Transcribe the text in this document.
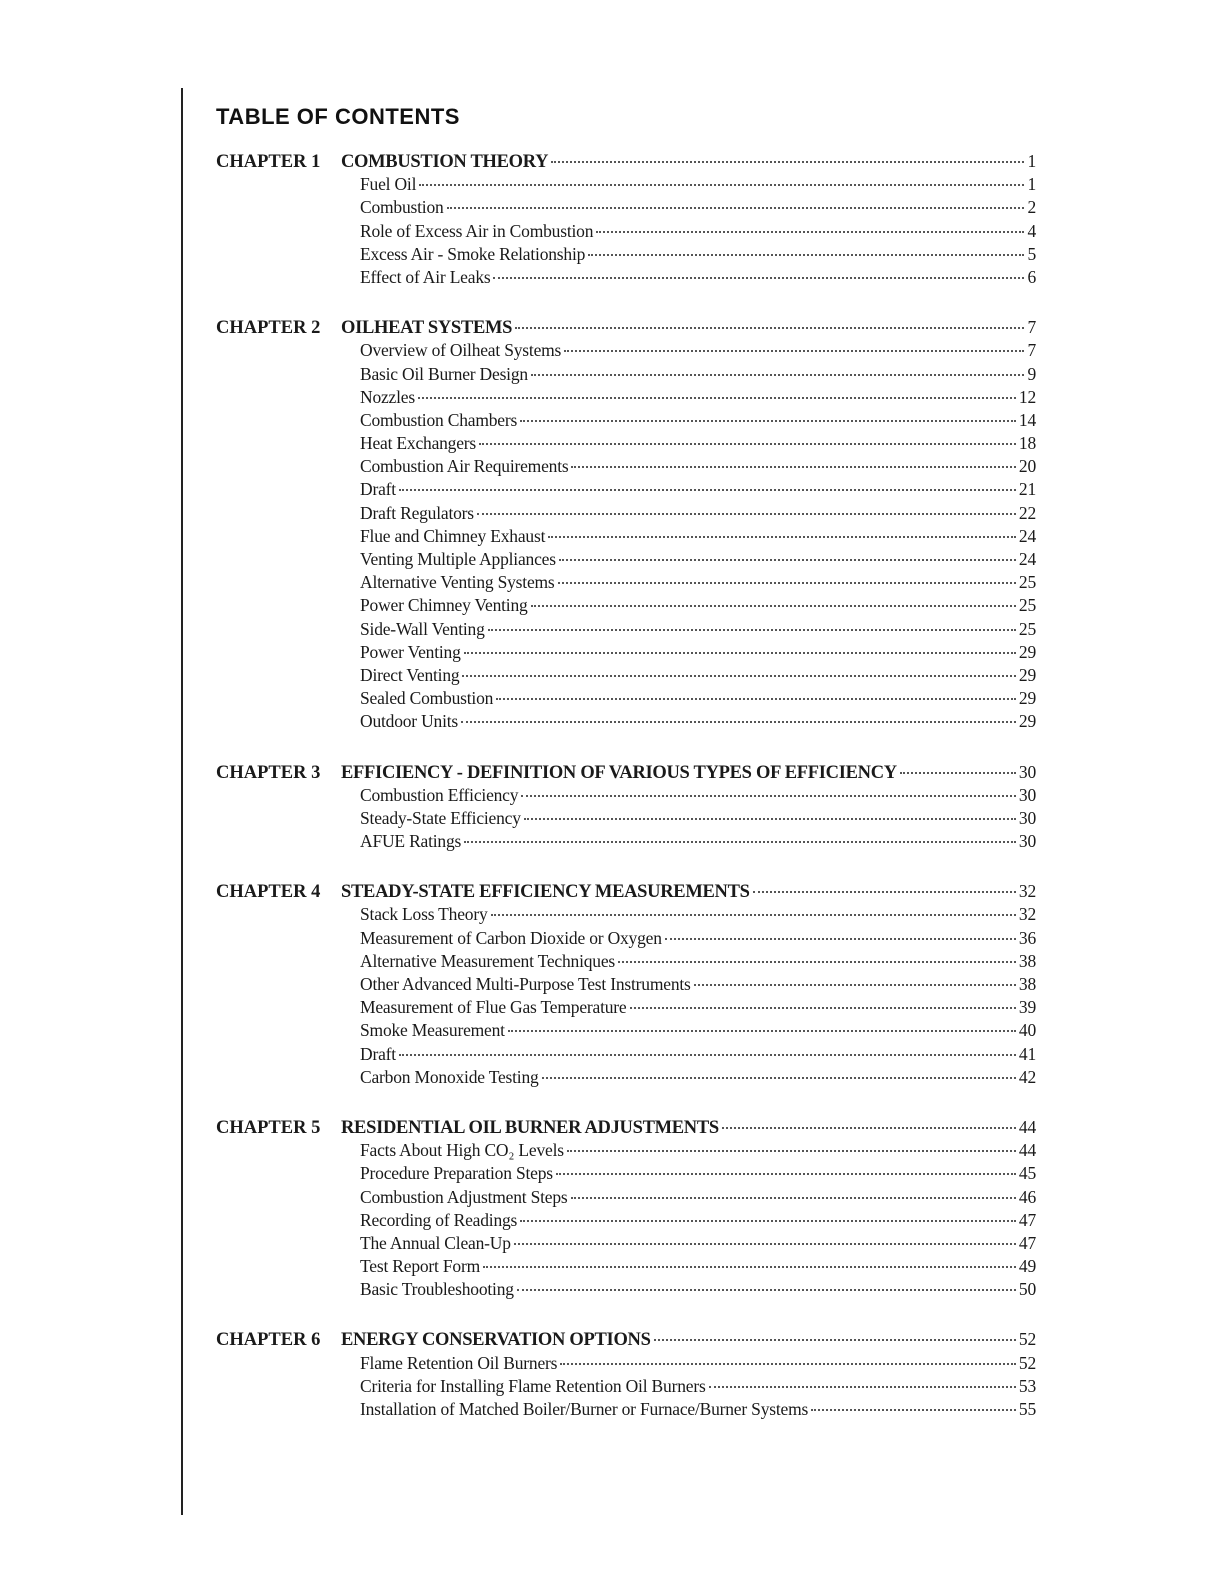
TABLE OF CONTENTS
CHAPTER 1	COMBUSTION THEORY	1
Fuel Oil	1
Combustion	2
Role of Excess Air in Combustion	4
Excess Air - Smoke Relationship	5
Effect of Air Leaks	6
CHAPTER 2	OILHEAT SYSTEMS	7
Overview of Oilheat Systems	7
Basic Oil Burner Design	9
Nozzles	12
Combustion Chambers	14
Heat Exchangers	18
Combustion Air Requirements	20
Draft	21
Draft Regulators	22
Flue and Chimney Exhaust	24
Venting Multiple Appliances	24
Alternative Venting Systems	25
Power Chimney Venting	25
Side-Wall Venting	25
Power Venting	29
Direct Venting	29
Sealed Combustion	29
Outdoor Units	29
CHAPTER 3	EFFICIENCY - DEFINITION OF VARIOUS TYPES OF EFFICIENCY	30
Combustion Efficiency	30
Steady-State Efficiency	30
AFUE Ratings	30
CHAPTER 4	STEADY-STATE EFFICIENCY MEASUREMENTS	32
Stack Loss Theory	32
Measurement of Carbon Dioxide or Oxygen	36
Alternative Measurement Techniques	38
Other Advanced Multi-Purpose Test Instruments	38
Measurement of Flue Gas Temperature	39
Smoke Measurement	40
Draft	41
Carbon Monoxide Testing	42
CHAPTER 5	RESIDENTIAL OIL BURNER ADJUSTMENTS	44
Facts About High CO₂ Levels	44
Procedure Preparation Steps	45
Combustion Adjustment Steps	46
Recording of Readings	47
The Annual Clean-Up	47
Test Report Form	49
Basic Troubleshooting	50
CHAPTER 6	ENERGY CONSERVATION OPTIONS	52
Flame Retention Oil Burners	52
Criteria for Installing Flame Retention Oil Burners	53
Installation of Matched Boiler/Burner or Furnace/Burner Systems	55
